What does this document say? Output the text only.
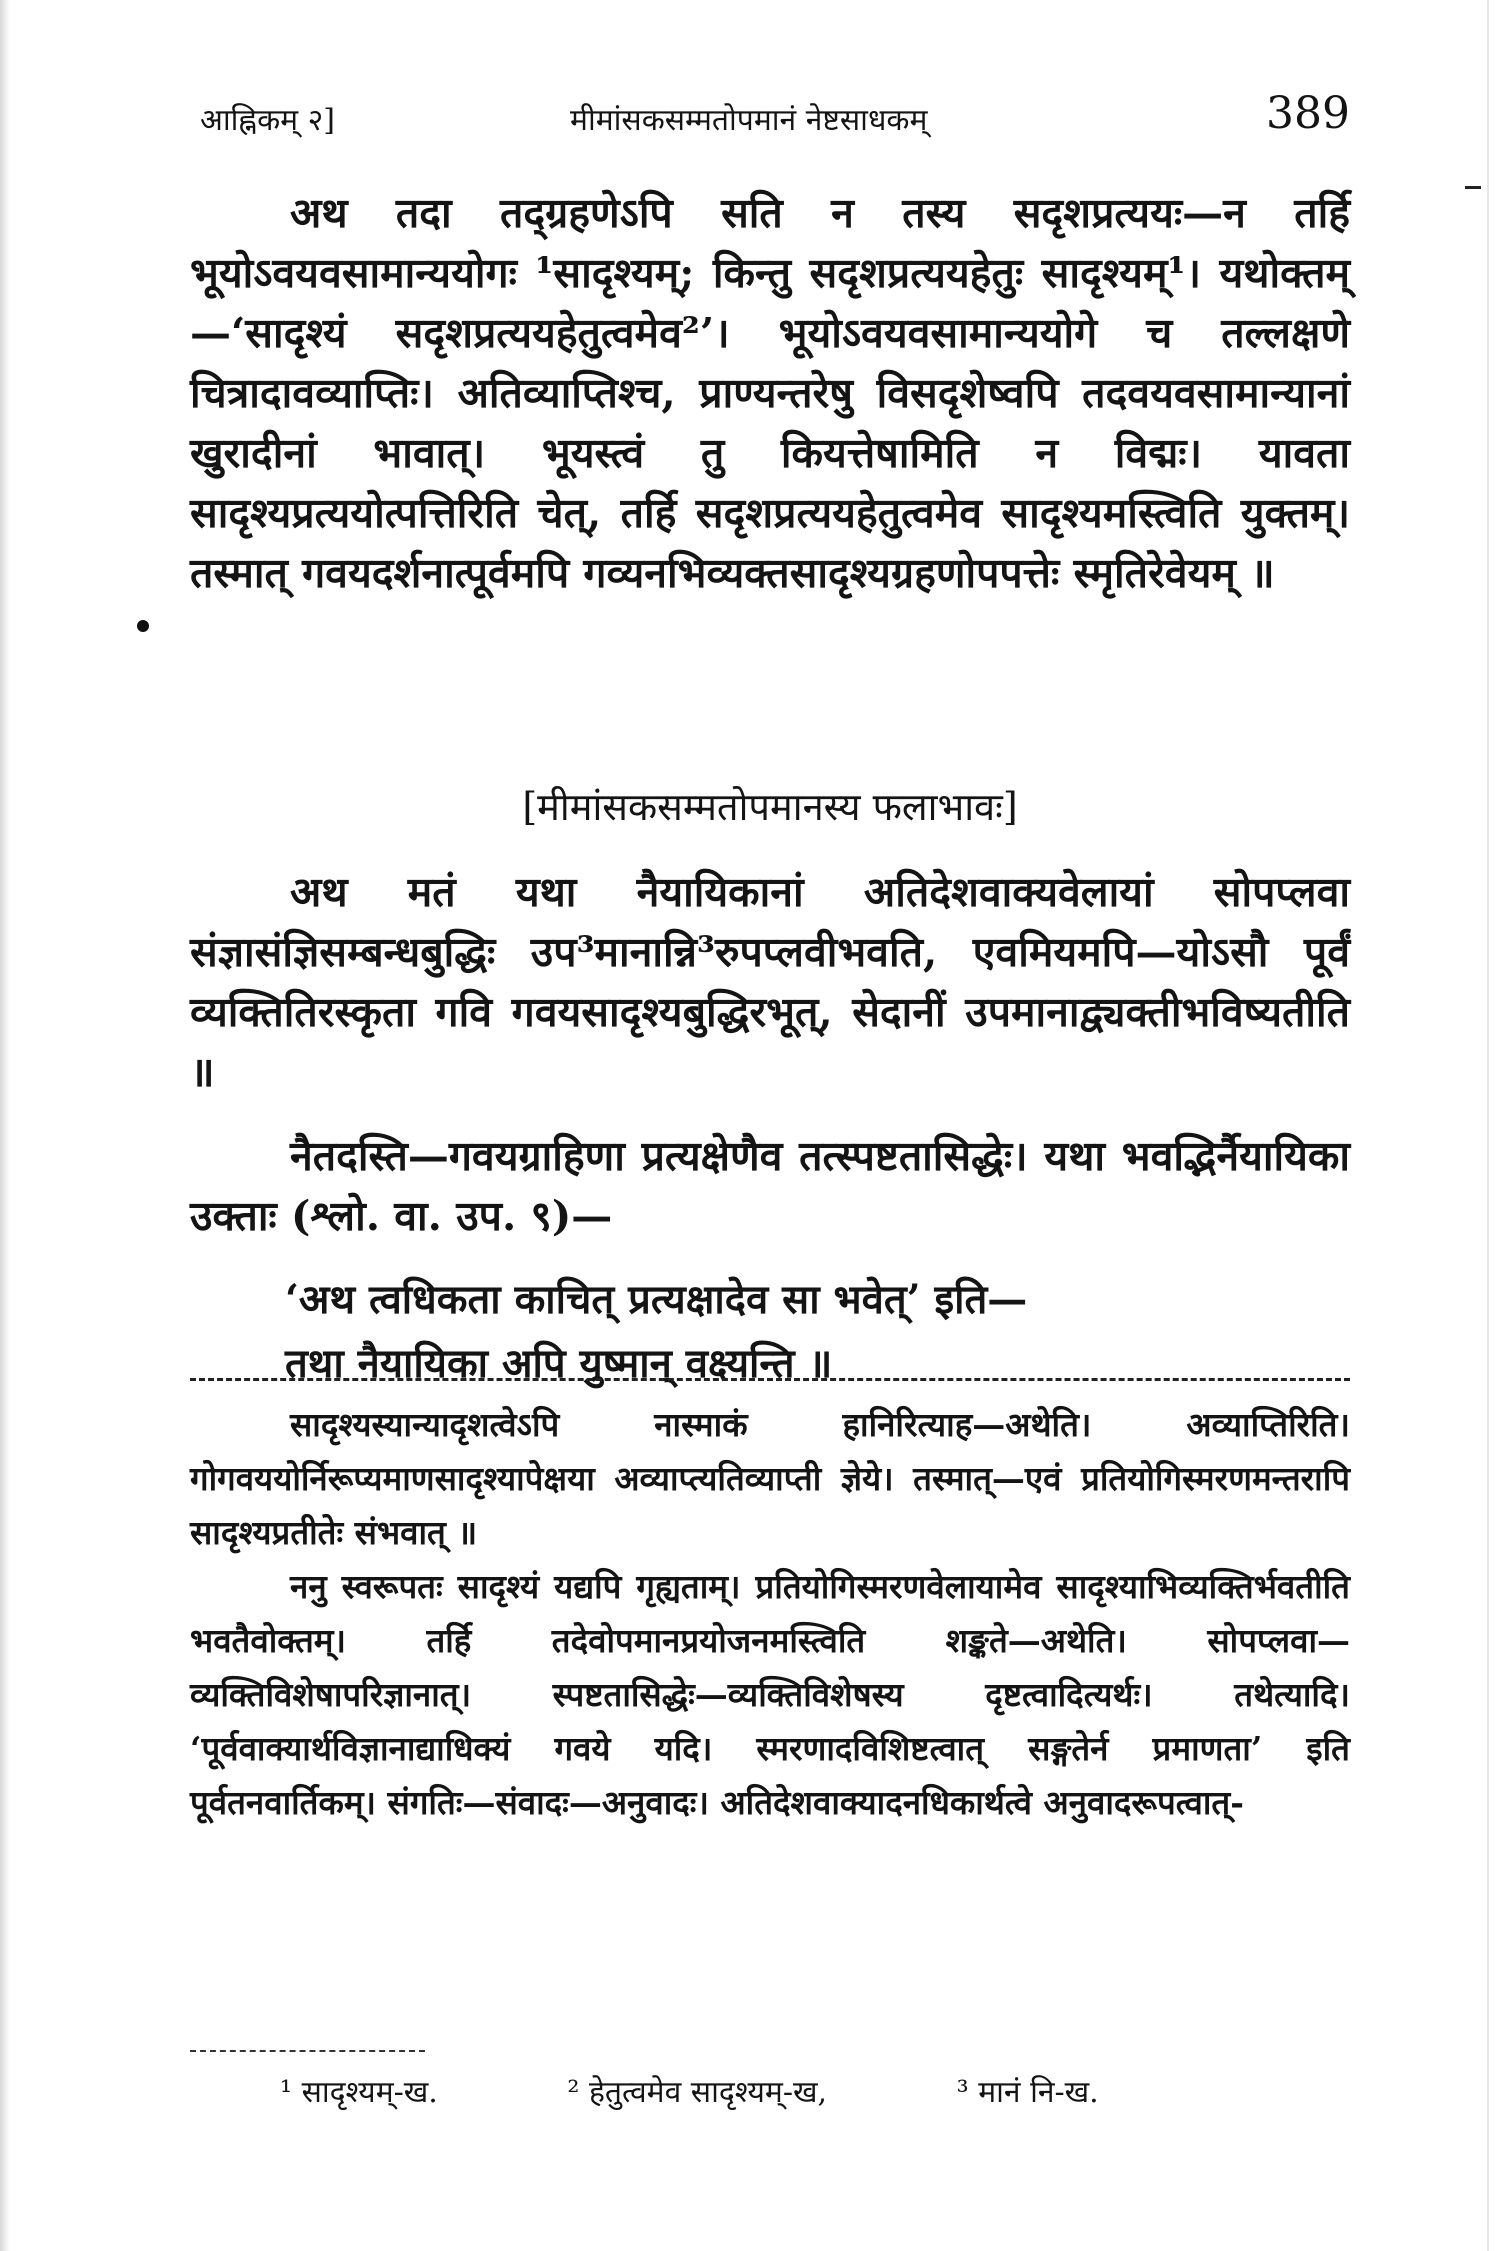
आह्निकम् २]	मीमांसकसम्मतोपमानं नेष्टसाधकम्	389

अथ तदा तद्ग्रहणेऽपि सति न तस्य सदृशप्रत्ययः—न तर्हि भूयोऽवयवसामान्ययोगः ¹सादृश्यम्; किन्तु सदृशप्रत्ययहेतुः सादृश्यम्¹। यथोक्तम्—‘सादृश्यं सदृशप्रत्ययहेतुत्वमेव²’। भूयोऽवयवसामान्ययोगे च तल्लक्षणे चित्रादावव्याप्तिः। अतिव्याप्तिश्च, प्राण्यन्तरेषु विसदृशेष्वपि तदवयवसामान्यानां खुरादीनां भावात्। भूयस्त्वं तु कियत्तेषामिति न विद्मः। यावता सादृश्यप्रत्ययोत्पत्तिरिति चेत्, तर्हि सदृशप्रत्ययहेतुत्वमेव सादृश्यमस्त्विति युक्तम्। तस्मात् गवयदर्शनात्पूर्वमपि गव्यनभिव्यक्तसादृश्यग्रहणोपपत्तेः स्मृतिरेवेयम् ॥

[मीमांसकसम्मतोपमानस्य फलाभावः]

अथ मतं यथा नैयायिकानां अतिदेशवाक्यवेलायां सोपप्लवा संज्ञासंज्ञिसम्बन्धबुद्धिः उप³मानान्नि³रुपप्लवीभवति, एवमियमपि—योऽसौ पूर्वं व्यक्तितिरस्कृता गवि गवयसादृश्यबुद्धिरभूत्, सेदानीं उपमानाद्व्यक्तीभविष्यतीति ॥

नैतदस्ति—गवयग्राहिणा प्रत्यक्षेणैव तत्स्पष्टतासिद्धेः। यथा भवद्भिर्नैयायिका उक्ताः (श्लो. वा. उप. ९)—

‘अथ त्वधिकता काचित् प्रत्यक्षादेव सा भवेत्’ इति—

तथा नैयायिका अपि युष्मान् वक्ष्यन्ति ॥

सादृश्यस्यान्यादृशत्वेऽपि नास्माकं हानिरित्याह—अथेति। अव्याप्तिरिति। गोगवययोर्निरूप्यमाणसादृश्यापेक्षया अव्याप्त्यतिव्याप्ती ज्ञेये। तस्मात्—एवं प्रतियोगिस्मरणमन्तरापि सादृश्यप्रतीतेः संभवात् ॥

ननु स्वरूपतः सादृश्यं यद्यपि गृह्यताम्। प्रतियोगिस्मरणवेलायामेव सादृश्याभिव्यक्तिर्भवतीति भवतैवोक्तम्। तर्हि तदेवोपमानप्रयोजनमस्त्विति शङ्कते—अथेति। सोपप्लवा—व्यक्तिविशेषापरिज्ञानात्। स्पष्टतासिद्धेः—व्यक्तिविशेषस्य दृष्टत्वादित्यर्थः। तथेत्यादि। ‘पूर्ववाक्यार्थविज्ञानाद्याधिक्यं गवये यदि। स्मरणादविशिष्टत्वात् सङ्गतेर्न प्रमाणता’ इति पूर्वतनवार्तिकम्। संगतिः—संवादः—अनुवादः। अतिदेशवाक्यादनधिकार्थत्वे अनुवादरूपत्वात्-

¹ सादृश्यम्-ख.	² हेतुत्वमेव सादृश्यम्-ख,	³ मानं नि-ख.
